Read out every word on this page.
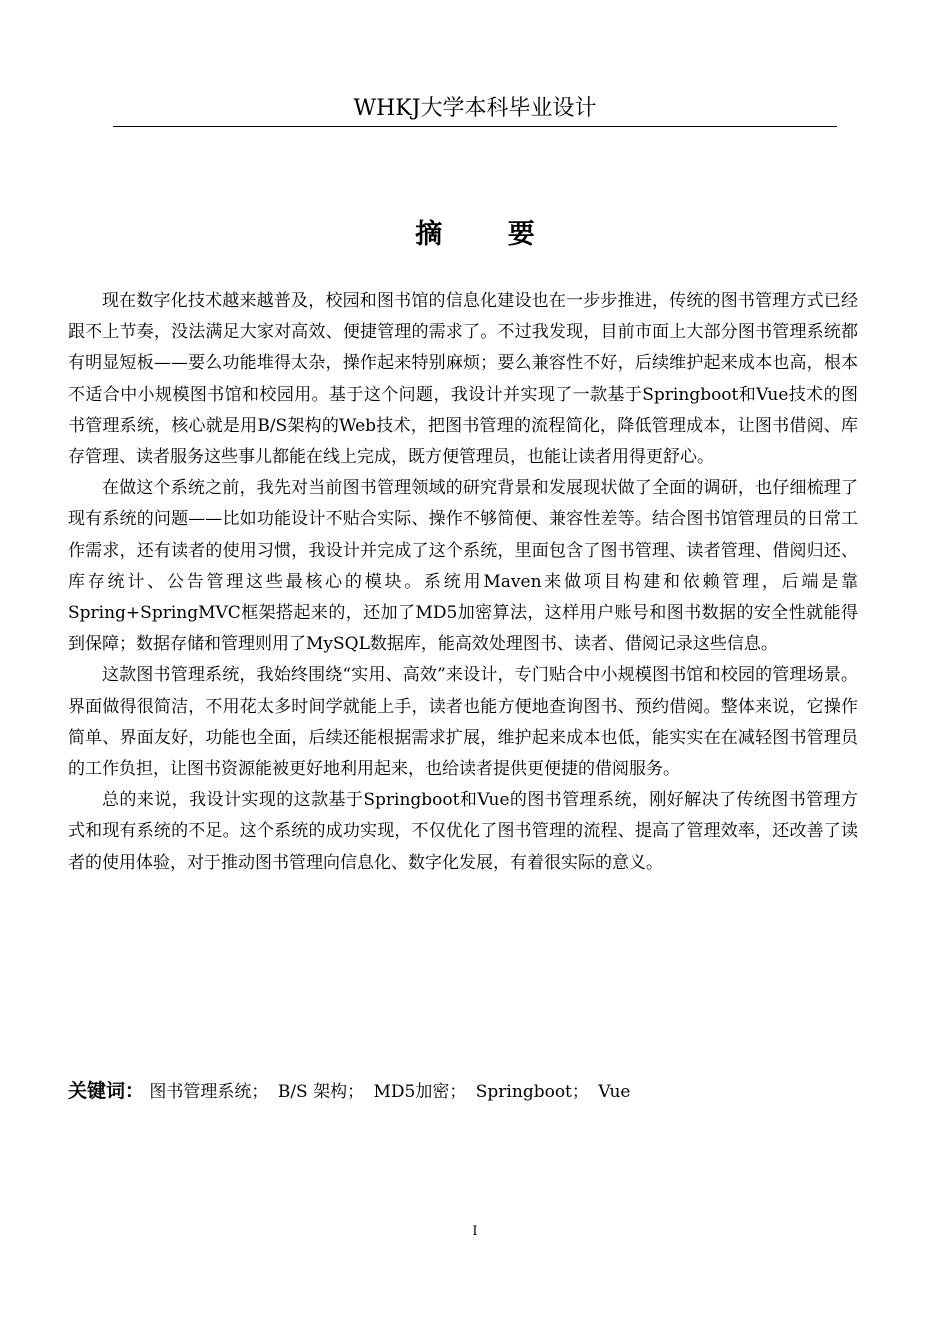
WHKJ大学本科毕业设计
摘 要

现在数字化技术越来越普及，校园和图书馆的信息化建设也在一步步推进，传统的图书管理方式已经跟不上节奏，没法满足大家对高效、便捷管理的需求了。不过我发现，目前市面上大部分图书管理系统都有明显短板——要么功能堆得太杂，操作起来特别麻烦；要么兼容性不好，后续维护起来成本也高，根本不适合中小规模图书馆和校园用。基于这个问题，我设计并实现了一款基于Springboot和Vue技术的图书管理系统，核心就是用B/S架构的Web技术，把图书管理的流程简化，降低管理成本，让图书借阅、库存管理、读者服务这些事儿都能在线上完成，既方便管理员，也能让读者用得更舒心。

在做这个系统之前，我先对当前图书管理领域的研究背景和发展现状做了全面的调研，也仔细梳理了现有系统的问题——比如功能设计不贴合实际、操作不够简便、兼容性差等。结合图书馆管理员的日常工作需求，还有读者的使用习惯，我设计并完成了这个系统，里面包含了图书管理、读者管理、借阅归还、库存统计、公告管理这些最核心的模块。系统用Maven来做项目构建和依赖管理，后端是靠Spring+SpringMVC框架搭起来的，还加了MD5加密算法，这样用户账号和图书数据的安全性就能得到保障；数据存储和管理则用了MySQL数据库，能高效处理图书、读者、借阅记录这些信息。

这款图书管理系统，我始终围绕“实用、高效”来设计，专门贴合中小规模图书馆和校园的管理场景。界面做得很简洁，不用花太多时间学就能上手，读者也能方便地查询图书、预约借阅。整体来说，它操作简单、界面友好，功能也全面，后续还能根据需求扩展，维护起来成本也低，能实实在在减轻图书管理员的工作负担，让图书资源能被更好地利用起来，也给读者提供更便捷的借阅服务。

总的来说，我设计实现的这款基于Springboot和Vue的图书管理系统，刚好解决了传统图书管理方式和现有系统的不足。这个系统的成功实现，不仅优化了图书管理的流程、提高了管理效率，还改善了读者的使用体验，对于推动图书管理向信息化、数字化发展，有着很实际的意义。

关键词： 图书管理系统； B/S 架构； MD5加密； Springboot； Vue
I
